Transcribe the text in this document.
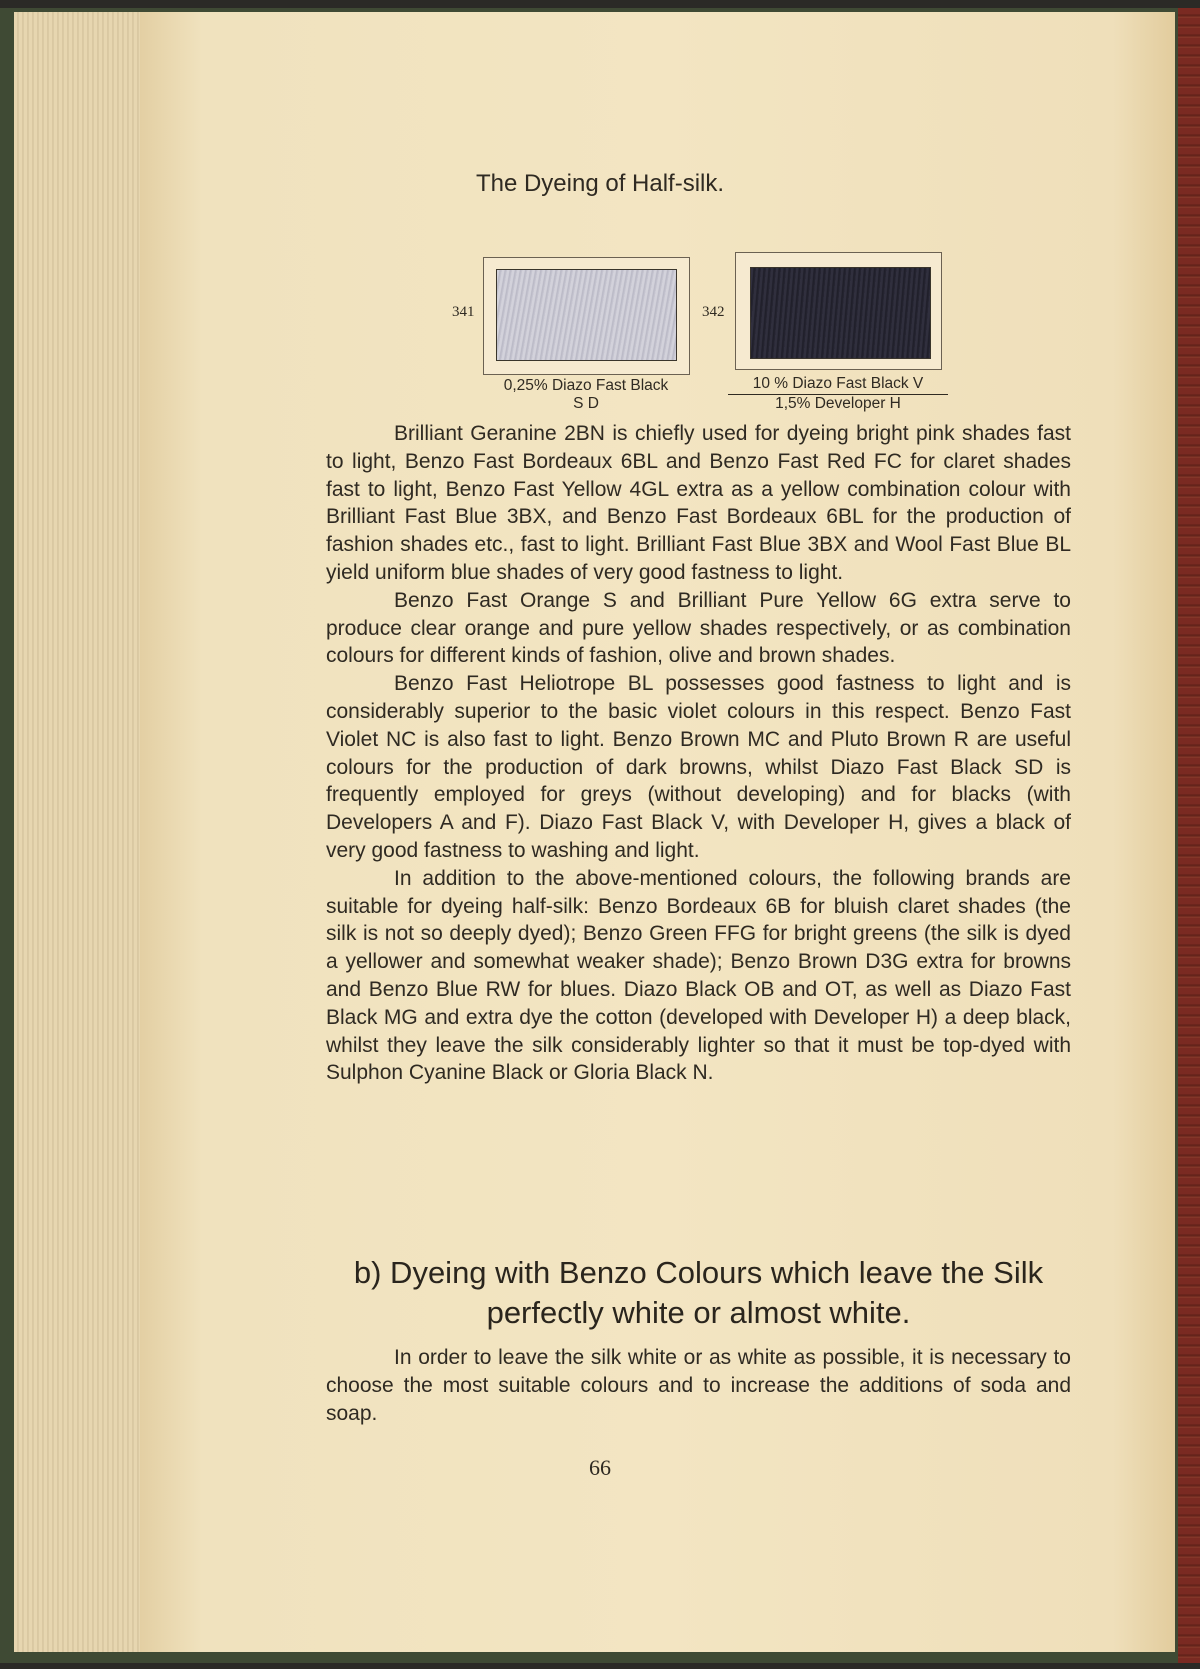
The Dyeing of Half-silk.
341
0,25% Diazo Fast Black
S D
342
10 % Diazo Fast Black V
1,5% Developer H

Brilliant Geranine 2BN is chiefly used for dyeing bright pink shades fast to light, Benzo Fast Bordeaux 6BL and Benzo Fast Red FC for claret shades fast to light, Benzo Fast Yellow 4GL extra as a yellow combination colour with Brilliant Fast Blue 3BX, and Benzo Fast Bordeaux 6BL for the production of fashion shades etc., fast to light. Brilliant Fast Blue 3BX and Wool Fast Blue BL yield uniform blue shades of very good fastness to light.

Benzo Fast Orange S and Brilliant Pure Yellow 6G extra serve to produce clear orange and pure yellow shades respectively, or as combination colours for different kinds of fashion, olive and brown shades.

Benzo Fast Heliotrope BL possesses good fastness to light and is considerably superior to the basic violet colours in this respect. Benzo Fast Violet NC is also fast to light. Benzo Brown MC and Pluto Brown R are useful colours for the production of dark browns, whilst Diazo Fast Black SD is frequently employed for greys (without developing) and for blacks (with Developers A and F). Diazo Fast Black V, with Developer H, gives a black of very good fastness to washing and light.

In addition to the above-mentioned colours, the following brands are suitable for dyeing half-silk: Benzo Bordeaux 6B for bluish claret shades (the silk is not so deeply dyed); Benzo Green FFG for bright greens (the silk is dyed a yellower and somewhat weaker shade); Benzo Brown D3G extra for browns and Benzo Blue RW for blues. Diazo Black OB and OT, as well as Diazo Fast Black MG and extra dye the cotton (developed with Developer H) a deep black, whilst they leave the silk considerably lighter so that it must be top-dyed with Sulphon Cyanine Black or Gloria Black N.

b) Dyeing with Benzo Colours which leave the Silk
perfectly white or almost white.

In order to leave the silk white or as white as possible, it is necessary to choose the most suitable colours and to increase the additions of soda and soap.

66
